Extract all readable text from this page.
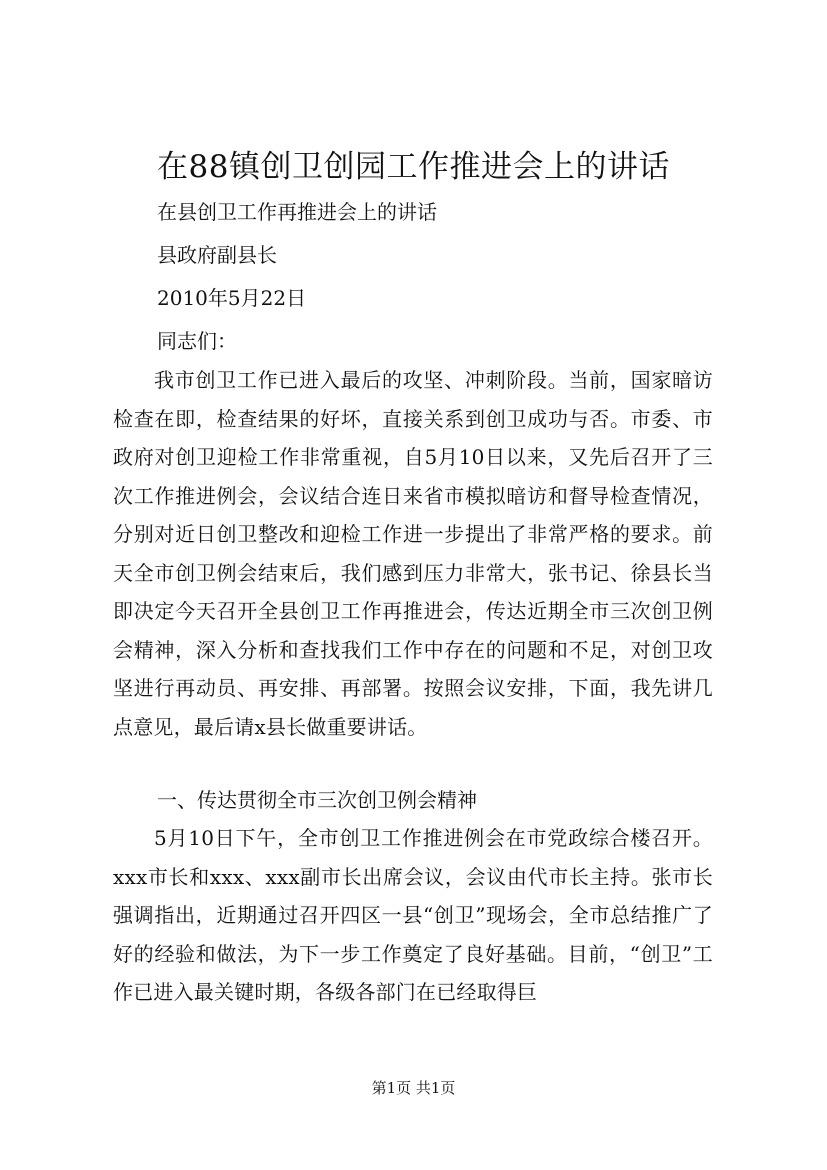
在88镇创卫创园工作推进会上的讲话

在县创卫工作再推进会上的讲话

县政府副县长

2010年5月22日

同志们：

我市创卫工作已进入最后的攻坚、冲刺阶段。当前，国家暗访检查在即，检查结果的好坏，直接关系到创卫成功与否。市委、市政府对创卫迎检工作非常重视，自5月10日以来，又先后召开了三次工作推进例会，会议结合连日来省市模拟暗访和督导检查情况，分别对近日创卫整改和迎检工作进一步提出了非常严格的要求。前天全市创卫例会结束后，我们感到压力非常大，张书记、徐县长当即决定今天召开全县创卫工作再推进会，传达近期全市三次创卫例会精神，深入分析和查找我们工作中存在的问题和不足，对创卫攻坚进行再动员、再安排、再部署。按照会议安排，下面，我先讲几点意见，最后请x县长做重要讲话。

一、传达贯彻全市三次创卫例会精神

5月10日下午，全市创卫工作推进例会在市党政综合楼召开。xxx市长和xxx、xxx副市长出席会议，会议由代市长主持。张市长强调指出，近期通过召开四区一县“创卫”现场会，全市总结推广了好的经验和做法，为下一步工作奠定了良好基础。目前，“创卫”工作已进入最关键时期，各级各部门在已经取得巨

第1页 共1页
